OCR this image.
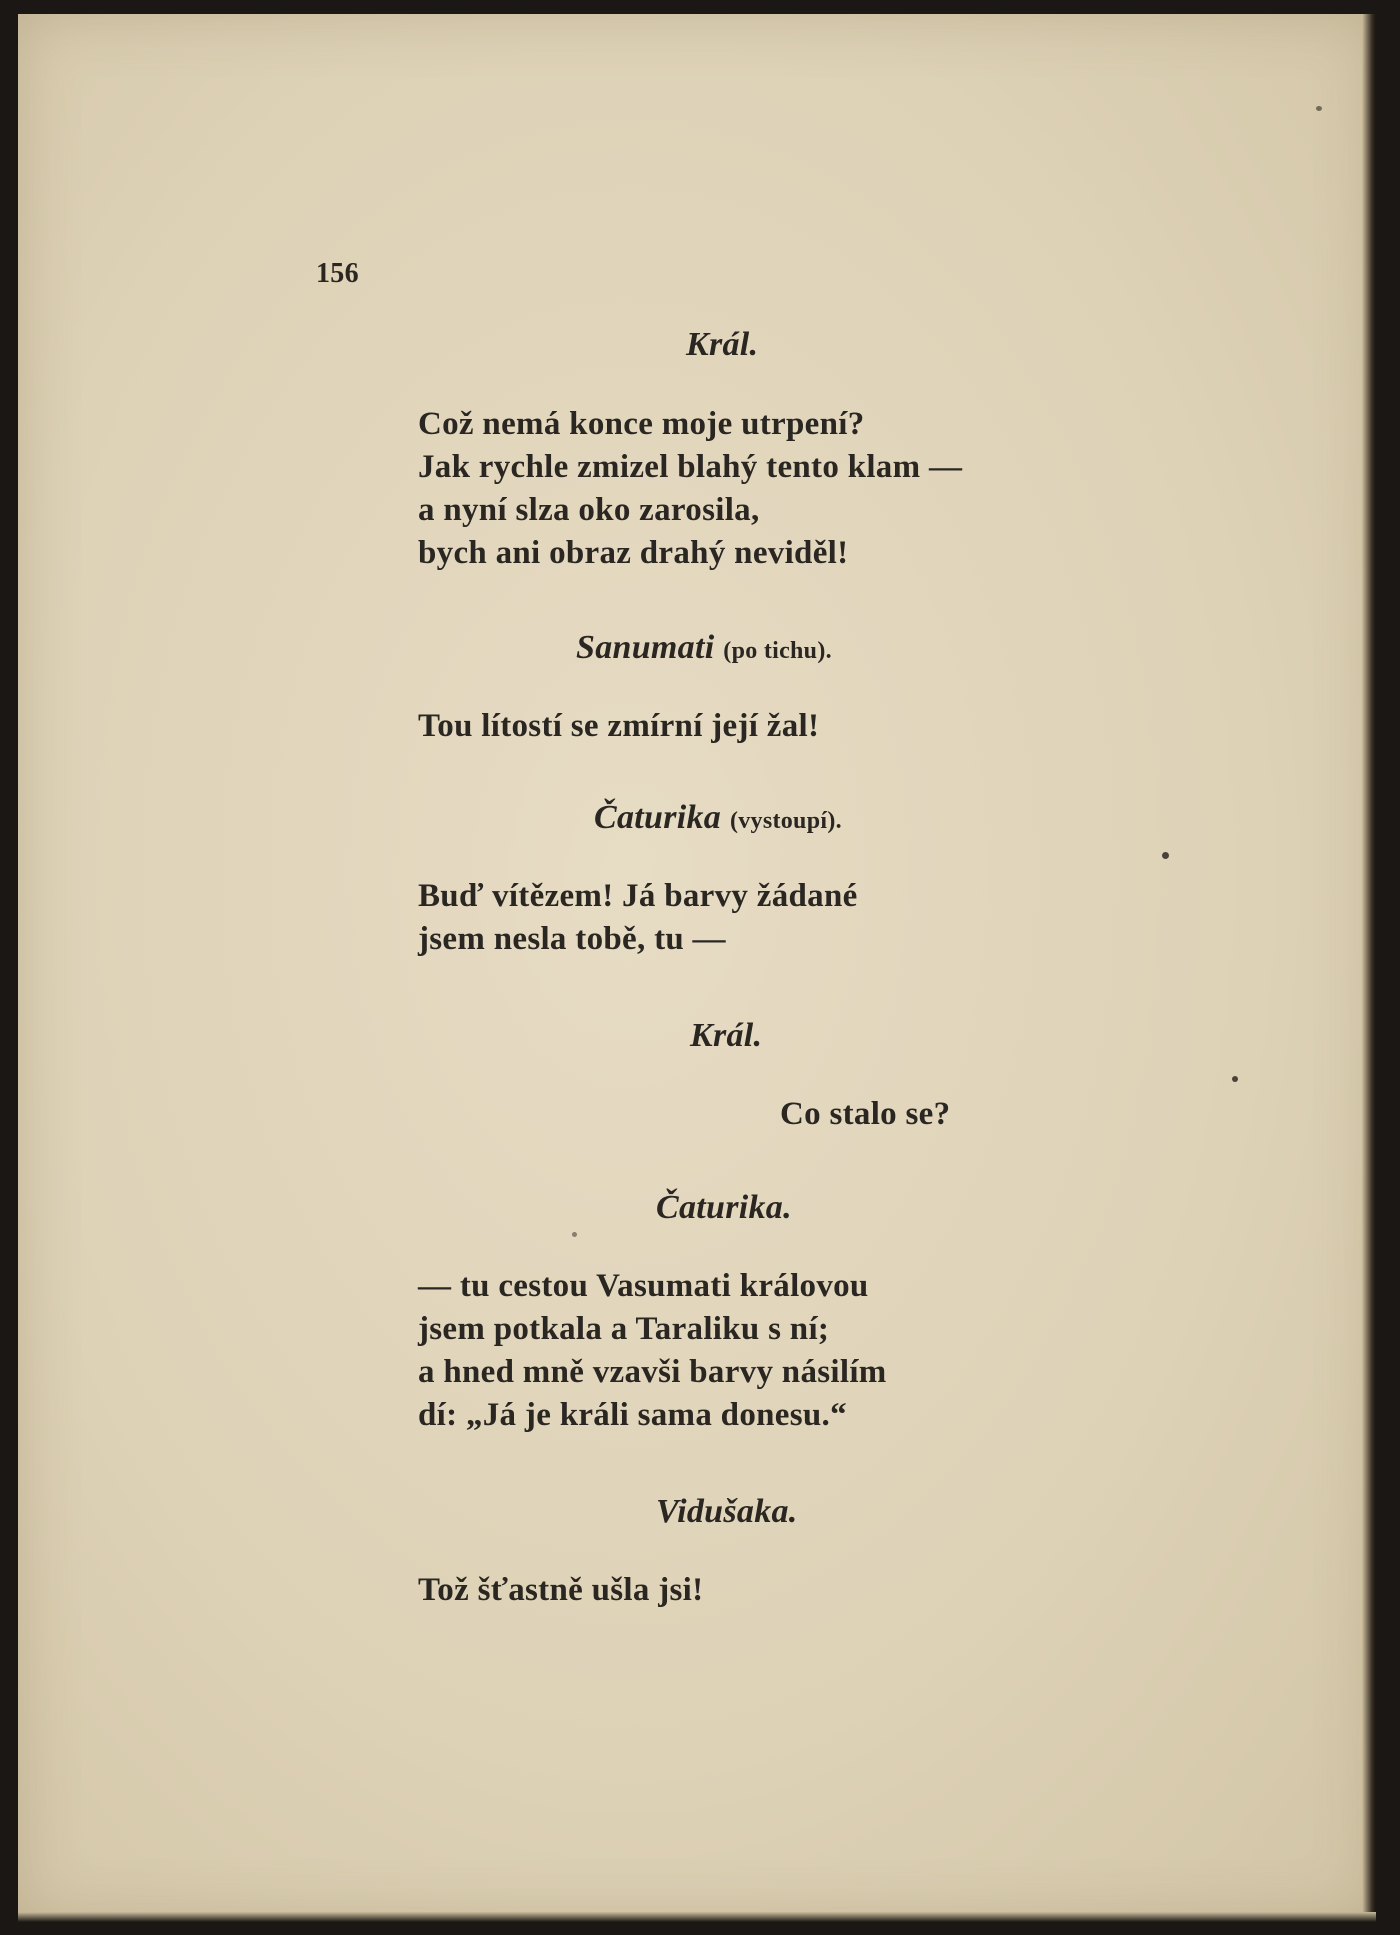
156
Král.
Což nemá konce moje utrpení?
Jak rychle zmizel blahý tento klam —
a nyní slza oko zarosila,
bych ani obraz drahý neviděl!
Sanumati (po tichu).
Tou lítostí se zmírní její žal!
Čaturika (vystoupí).
Buď vítězem! Já barvy žádané
jsem nesla tobě, tu —
Král.
Co stalo se?
Čaturika.
— tu cestou Vasumati královou
jsem potkala a Taraliku s ní;
a hned mně vzavši barvy násilím
dí: „Já je králi sama donesu.“
Vidušaka.
Tož šťastně ušla jsi!
